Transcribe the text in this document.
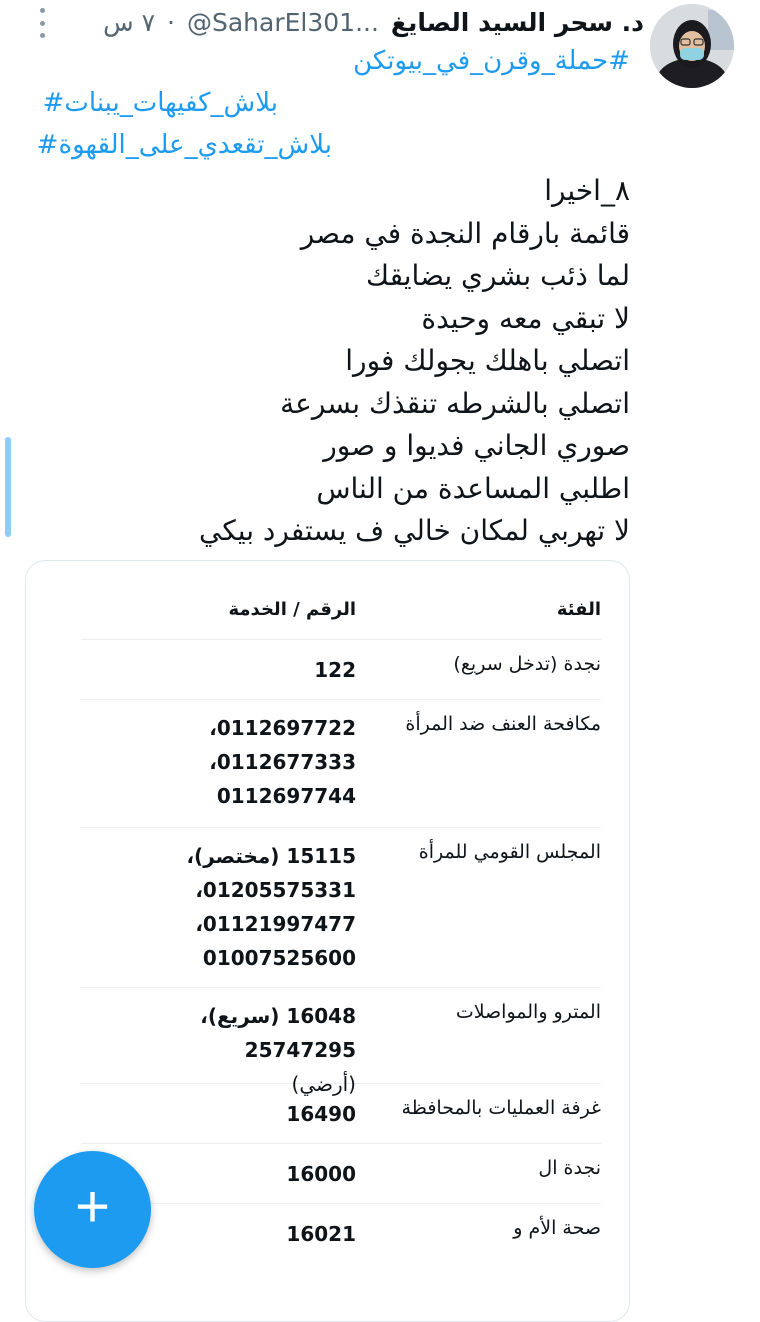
د. سحر السيد الصايغ
@SaharEl301...
·
٧ س
#حملة_وقرن_في_بيوتكن
بلاش_كفيهات_يبنات#
بلاش_تقعدي_على_القهوة#
٨_اخيرا
قائمة بارقام النجدة في مصر
لما ذئب بشري يضايقك
لا تبقي معه وحيدة
اتصلي باهلك يجولك فورا
اتصلي بالشرطه تنقذك بسرعة
صوري الجاني فديوا و صور
اطلبي المساعدة من الناس
لا تهربي لمكان خالي ف يستفرد بيكي
الفئة
الرقم / الخدمة
نجدة (تدخل سريع)
122
مكافحة العنف ضد المرأة
0112697722،
0112677333،
0112697744
المجلس القومي للمرأة
15115 (مختصر)،
01205575331،
01121997477،
01007525600
المترو والمواصلات
16048 (سريع)، 25747295
(أرضي)
غرفة العمليات بالمحافظة
16490
نجدة ال
16000
صحة الأم و
16021
+
